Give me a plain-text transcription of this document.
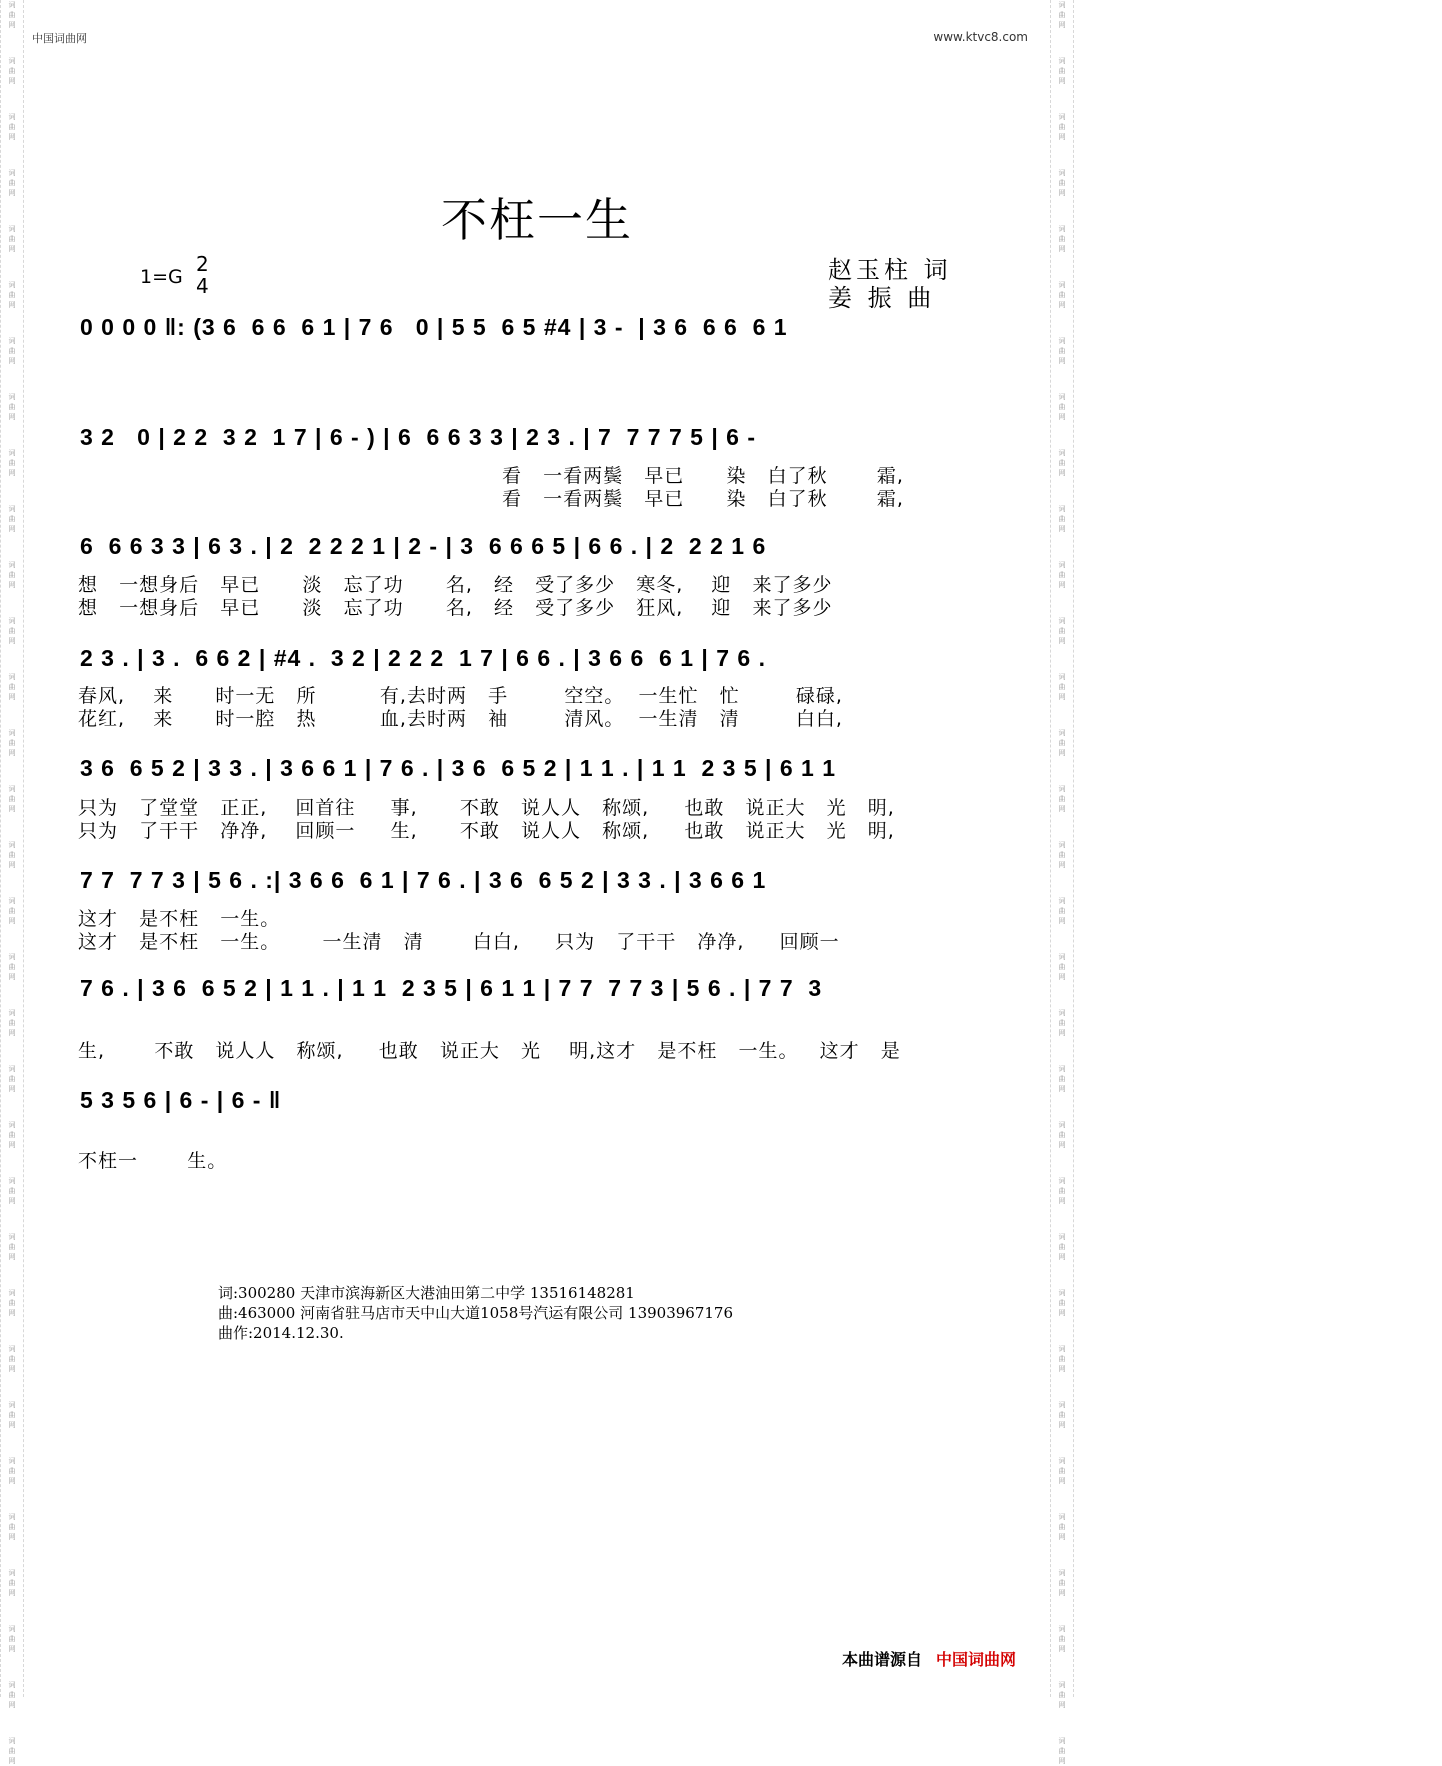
词
曲
网
词
曲
网
词
曲
网
词
曲
网
词
曲
网
词
曲
网
词
曲
网
词
曲
网
词
曲
网
词
曲
网
词
曲
网
词
曲
网
词
曲
网
词
曲
网
词
曲
网
词
曲
网
词
曲
网
词
曲
网
词
曲
网
词
曲
网
词
曲
网
词
曲
网
词
曲
网
词
曲
网
词
曲
网
词
曲
网
词
曲
网
词
曲
网
词
曲
网
词
曲
网
词
曲
网
词
曲
网
词
曲
网
词
曲
网
词
曲
网
词
曲
网
词
曲
网
词
曲
网
词
曲
网
词
曲
网
词
曲
网
词
曲
网
词
曲
网
词
曲
网
词
曲
网
词
曲
网
词
曲
网
词
曲
网
词
曲
网
词
曲
网
词
曲
网
词
曲
网
词
曲
网
词
曲
网
词
曲
网
词
曲
网
词
曲
网
词
曲
网
词
曲
网
词
曲
网
词
曲
网
词
曲
网
词
曲
网
词
曲
网
中国词曲网	www.ktvc8.com
不枉一生
1=G
2
4
赵玉柱 词
姜 振 曲
0 0 0 0 ‖: (3 6  6 6  6 1 | 7 6   0 | 5 5  6 5 #4 | 3 -  | 3 6  6 6  6 1
3 2   0 | 2 2  3 2  1 7 | 6 - ) | 6  6 6 3 3 | 2 3 . | 7  7 7 7 5 | 6 -
6  6 6 3 3 | 6 3 . | 2  2 2 2 1 | 2 - | 3  6 6 6 5 | 6 6 . | 2  2 2 1 6
2 3 . | 3 .  6 6 2 | #4 .  3 2 | 2 2 2  1 7 | 6 6 . | 3 6 6  6 1 | 7 6 .
3 6  6 5 2 | 3 3 . | 3 6 6 1 | 7 6 . | 3 6  6 5 2 | 1 1 . | 1 1  2 3 5 | 6 1 1
7 7  7 7 3 | 5 6 . :| 3 6 6  6 1 | 7 6 . | 3 6  6 5 2 | 3 3 . | 3 6 6 1
7 6 . | 3 6  6 5 2 | 1 1 . | 1 1  2 3 5 | 6 1 1 | 7 7  7 7 3 | 5 6 . | 7 7  3
5 3 5 6 | 6 - | 6 - ‖
看   一看两鬓   早已      染   白了秋       霜,
看   一看两鬓   早已      染   白了秋       霜,
想   一想身后   早已      淡   忘了功      名,   经   受了多少   寒冬,    迎   来了多少
想   一想身后   早已      淡   忘了功      名,   经   受了多少   狂风,    迎   来了多少
春风,    来      时一无   所         有,去时两   手        空空。  一生忙   忙        碌碌,
花红,    来      时一腔   热         血,去时两   袖        清风。  一生清   清        白白,
只为   了堂堂   正正,    回首往     事,      不敢   说人人   称颂,     也敢   说正大   光   明,
只为   了干干   净净,    回顾一     生,      不敢   说人人   称颂,     也敢   说正大   光   明,
这才   是不枉   一生。
这才   是不枉   一生。      一生清   清       白白,     只为   了干干   净净,     回顾一
生,       不敢   说人人   称颂,     也敢   说正大   光    明,这才   是不枉   一生。   这才   是
不枉一       生。
词:300280 天津市滨海新区大港油田第二中学 13516148281
曲:463000 河南省驻马店市天中山大道1058号汽运有限公司 13903967176
曲作:2014.12.30.
本曲谱源自 中国词曲网
